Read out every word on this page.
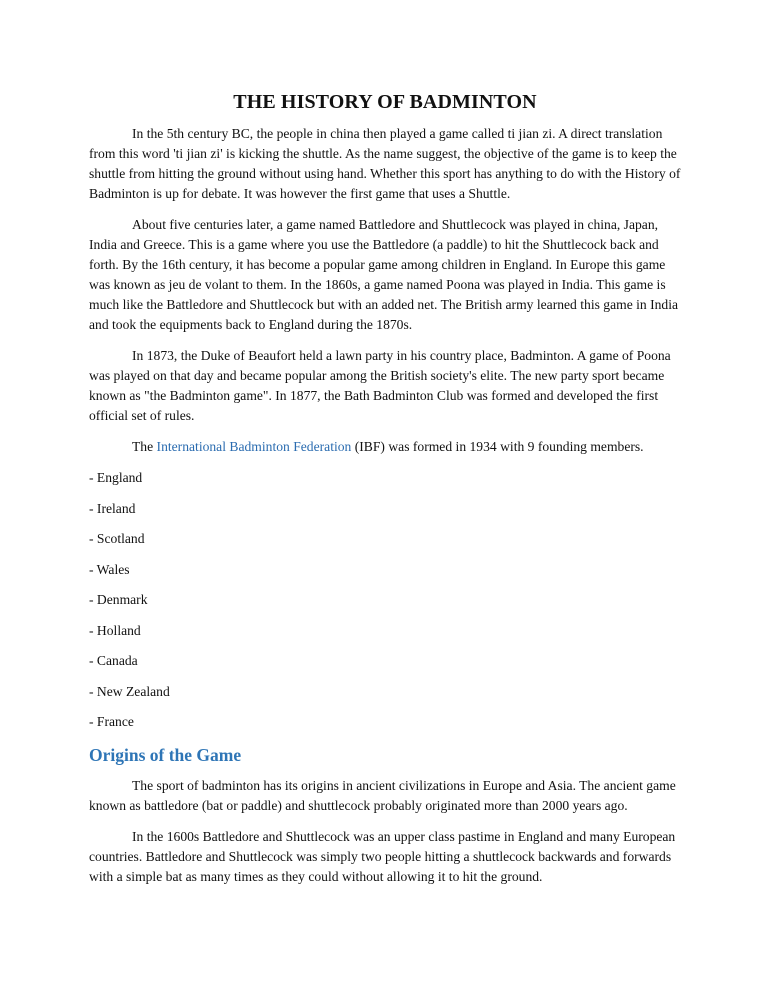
THE HISTORY OF BADMINTON

In the 5th century BC, the people in china then played a game called ti jian zi. A direct translation from this word 'ti jian zi' is kicking the shuttle. As the name suggest, the objective of the game is to keep the shuttle from hitting the ground without using hand. Whether this sport has anything to do with the History of Badminton is up for debate. It was however the first game that uses a Shuttle.

About five centuries later, a game named Battledore and Shuttlecock was played in china, Japan, India and Greece. This is a game where you use the Battledore (a paddle) to hit the Shuttlecock back and forth. By the 16th century, it has become a popular game among children in England. In Europe this game was known as jeu de volant to them. In the 1860s, a game named Poona was played in India. This game is much like the Battledore and Shuttlecock but with an added net. The British army learned this game in India and took the equipments back to England during the 1870s.

In 1873, the Duke of Beaufort held a lawn party in his country place, Badminton. A game of Poona was played on that day and became popular among the British society's elite. The new party sport became known as "the Badminton game". In 1877, the Bath Badminton Club was formed and developed the first official set of rules.

The International Badminton Federation (IBF) was formed in 1934 with 9 founding members.

- England
- Ireland
- Scotland
- Wales
- Denmark
- Holland
- Canada
- New Zealand
- France
Origins of the Game

The sport of badminton has its origins in ancient civilizations in Europe and Asia. The ancient game known as battledore (bat or paddle) and shuttlecock probably originated more than 2000 years ago.

In the 1600s Battledore and Shuttlecock was an upper class pastime in England and many European countries. Battledore and Shuttlecock was simply two people hitting a shuttlecock backwards and forwards with a simple bat as many times as they could without allowing it to hit the ground.
